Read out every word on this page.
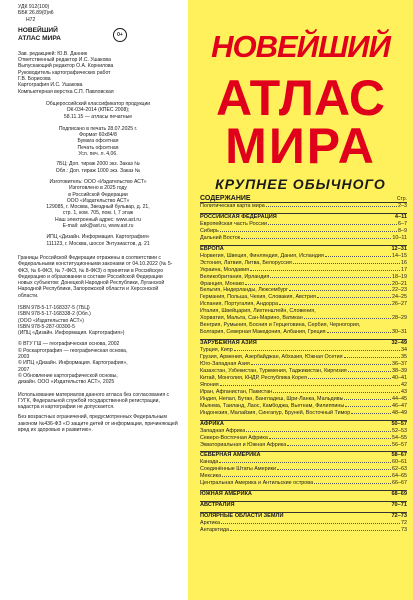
УДК 912(100)
ББК 26.89(0)я6
Н72
НОВЕЙШИЙ
АТЛАС МИРА	0+
Зав. редакцией: Ю.В. Данник
Ответственный редактор И.С. Ушакова
Выпускающий редактор О.А. Корнилова
Руководитель картографических работ
Г.В. Борисова
Картография И.С. Ушакова
Компьютерная верстка С.П. Павловская
Общероссийский классификатор продукции
ОК-034-2014 (КПЕС 2008);
58.11.15 — атласы печатные
Подписано в печать 28.07.2025 г.
Формат 60х84/8
Бумага офсетная
Печать офсетная
Усл. печ. л. 4,06.
7БЦ: Доп. тираж 2000 экз. Заказ №
Обл.: Доп. тираж 1000 экз. Заказ №
Изготовитель: ООО «Издательство АСТ»
Изготовлено в 2025 году
в Российской Федерации
ООО «Издательство АСТ»
129085, г. Москва, Звездный бульвар, д. 21,
стр. 1, ком. 705, пом. I, 7 этаж
Наш электронный адрес: www.ast.ru
E-mail: ask@ast.ru, www.ast.ru
ИПЦ «Дизайн. Информация. Картография»
111123, г. Москва, шоссе Энтузиастов, д. 21
Границы Российской Федерации отражены в соответствии с Федеральными конституционными законами от 04.10.2022 (№ 5-ФКЗ, № 6-ФКЗ, № 7-ФКЗ, № 8-ФКЗ) о принятии в Российскую Федерацию и образовании в составе Российской Федерации новых субъектов: Донецкой Народной Республики, Луганской Народной Республики, Запорожской области и Херсонской области.
ISBN 978-5-17-168337-5 (7БЦ)
ISBN 978-5-17-168338-2 (Обл.)
(ООО «Издательство АСТ»)
ISBN 978-5-287-00300-5
(ИПЦ «Дизайн. Информация. Картография»)
© ВТУ ГШ — географическая основа, 2002
© Роскартография — географическая основа,
2003
© ИПЦ «Дизайн. Информация. Картография»,
2007
© Обновление картографической основы,
дизайн. ООО «Издательство АСТ», 2025
Использование материалов данного атласа без согласования с ГУГК, Федеральной службой государственной регистрации, кадастра и картографии не допускается.
Без возрастных ограничений, предусмотренных Федеральным законом №436-ФЗ «О защите детей от информации, причиняющей вред их здоровью и развитию».
НОВЕЙШИЙ
АТЛАС
МИРА
КРУПНЕЕ ОБЫЧНОГО
СОДЕРЖАНИЕ	Стр.
Политическая карта мира	2–3
РОССИЙСКАЯ ФЕДЕРАЦИЯ	4–11
Европейская часть России	6–7
Сибирь	8–9
Дальний Восток	10–11
ЕВРОПА	12–31
Норвегия, Швеция, Финляндия, Дания, Исландия	14–15
Эстония, Латвия, Литва, Белоруссия	16
Украина, Молдавия	17
Великобритания, Ирландия	18–19
Франция, Монако	20–21
Бельгия, Нидерланды, Люксембург	22–23
Германия, Польша, Чехия, Словакия, Австрия	24–25
Испания, Португалия, Андорра	26–27
Италия, Швейцария, Лихтенштейн, Словения,
Хорватия, Мальта, Сан-Марино, Ватикан	28–29
Венгрия, Румыния, Босния и Герцеговина, Сербия, Черногория,
Болгария, Северная Македония, Албания, Греция	30–31
ЗАРУБЕЖНАЯ АЗИЯ	32–49
Турция, Кипр	34
Грузия, Армения, Азербайджан, Абхазия, Южная Осетия	35
Юго-Западная Азия	36–37
Казахстан, Узбекистан, Туркмения, Таджикистан, Киргизия	38–39
Китай, Монголия, КНДР, Республика Корея	40–41
Япония	42
Иран, Афганистан, Пакистан	43
Индия, Непал, Бутан, Бангладеш, Шри-Ланка, Мальдивы	44–45
Мьянма, Таиланд, Лаос, Камбоджа, Вьетнам, Филиппины	46–47
Индонезия, Малайзия, Сингапур, Бруней, Восточный Тимор	48–49
АФРИКА	50–57
Западная Африка	52–53
Северо-Восточная Африка	54–55
Экваториальная и Южная Африка	56–57
СЕВЕРНАЯ АМЕРИКА	58–67
Канада	60–61
Соединённые Штаты Америки	62–63
Мексика	64–65
Центральная Америка и Антильские острова	66–67
ЮЖНАЯ АМЕРИКА	68–69
АВСТРАЛИЯ	70–71
ПОЛЯРНЫЕ ОБЛАСТИ ЗЕМЛИ	72–73
Арктика	72
Антарктида	73
